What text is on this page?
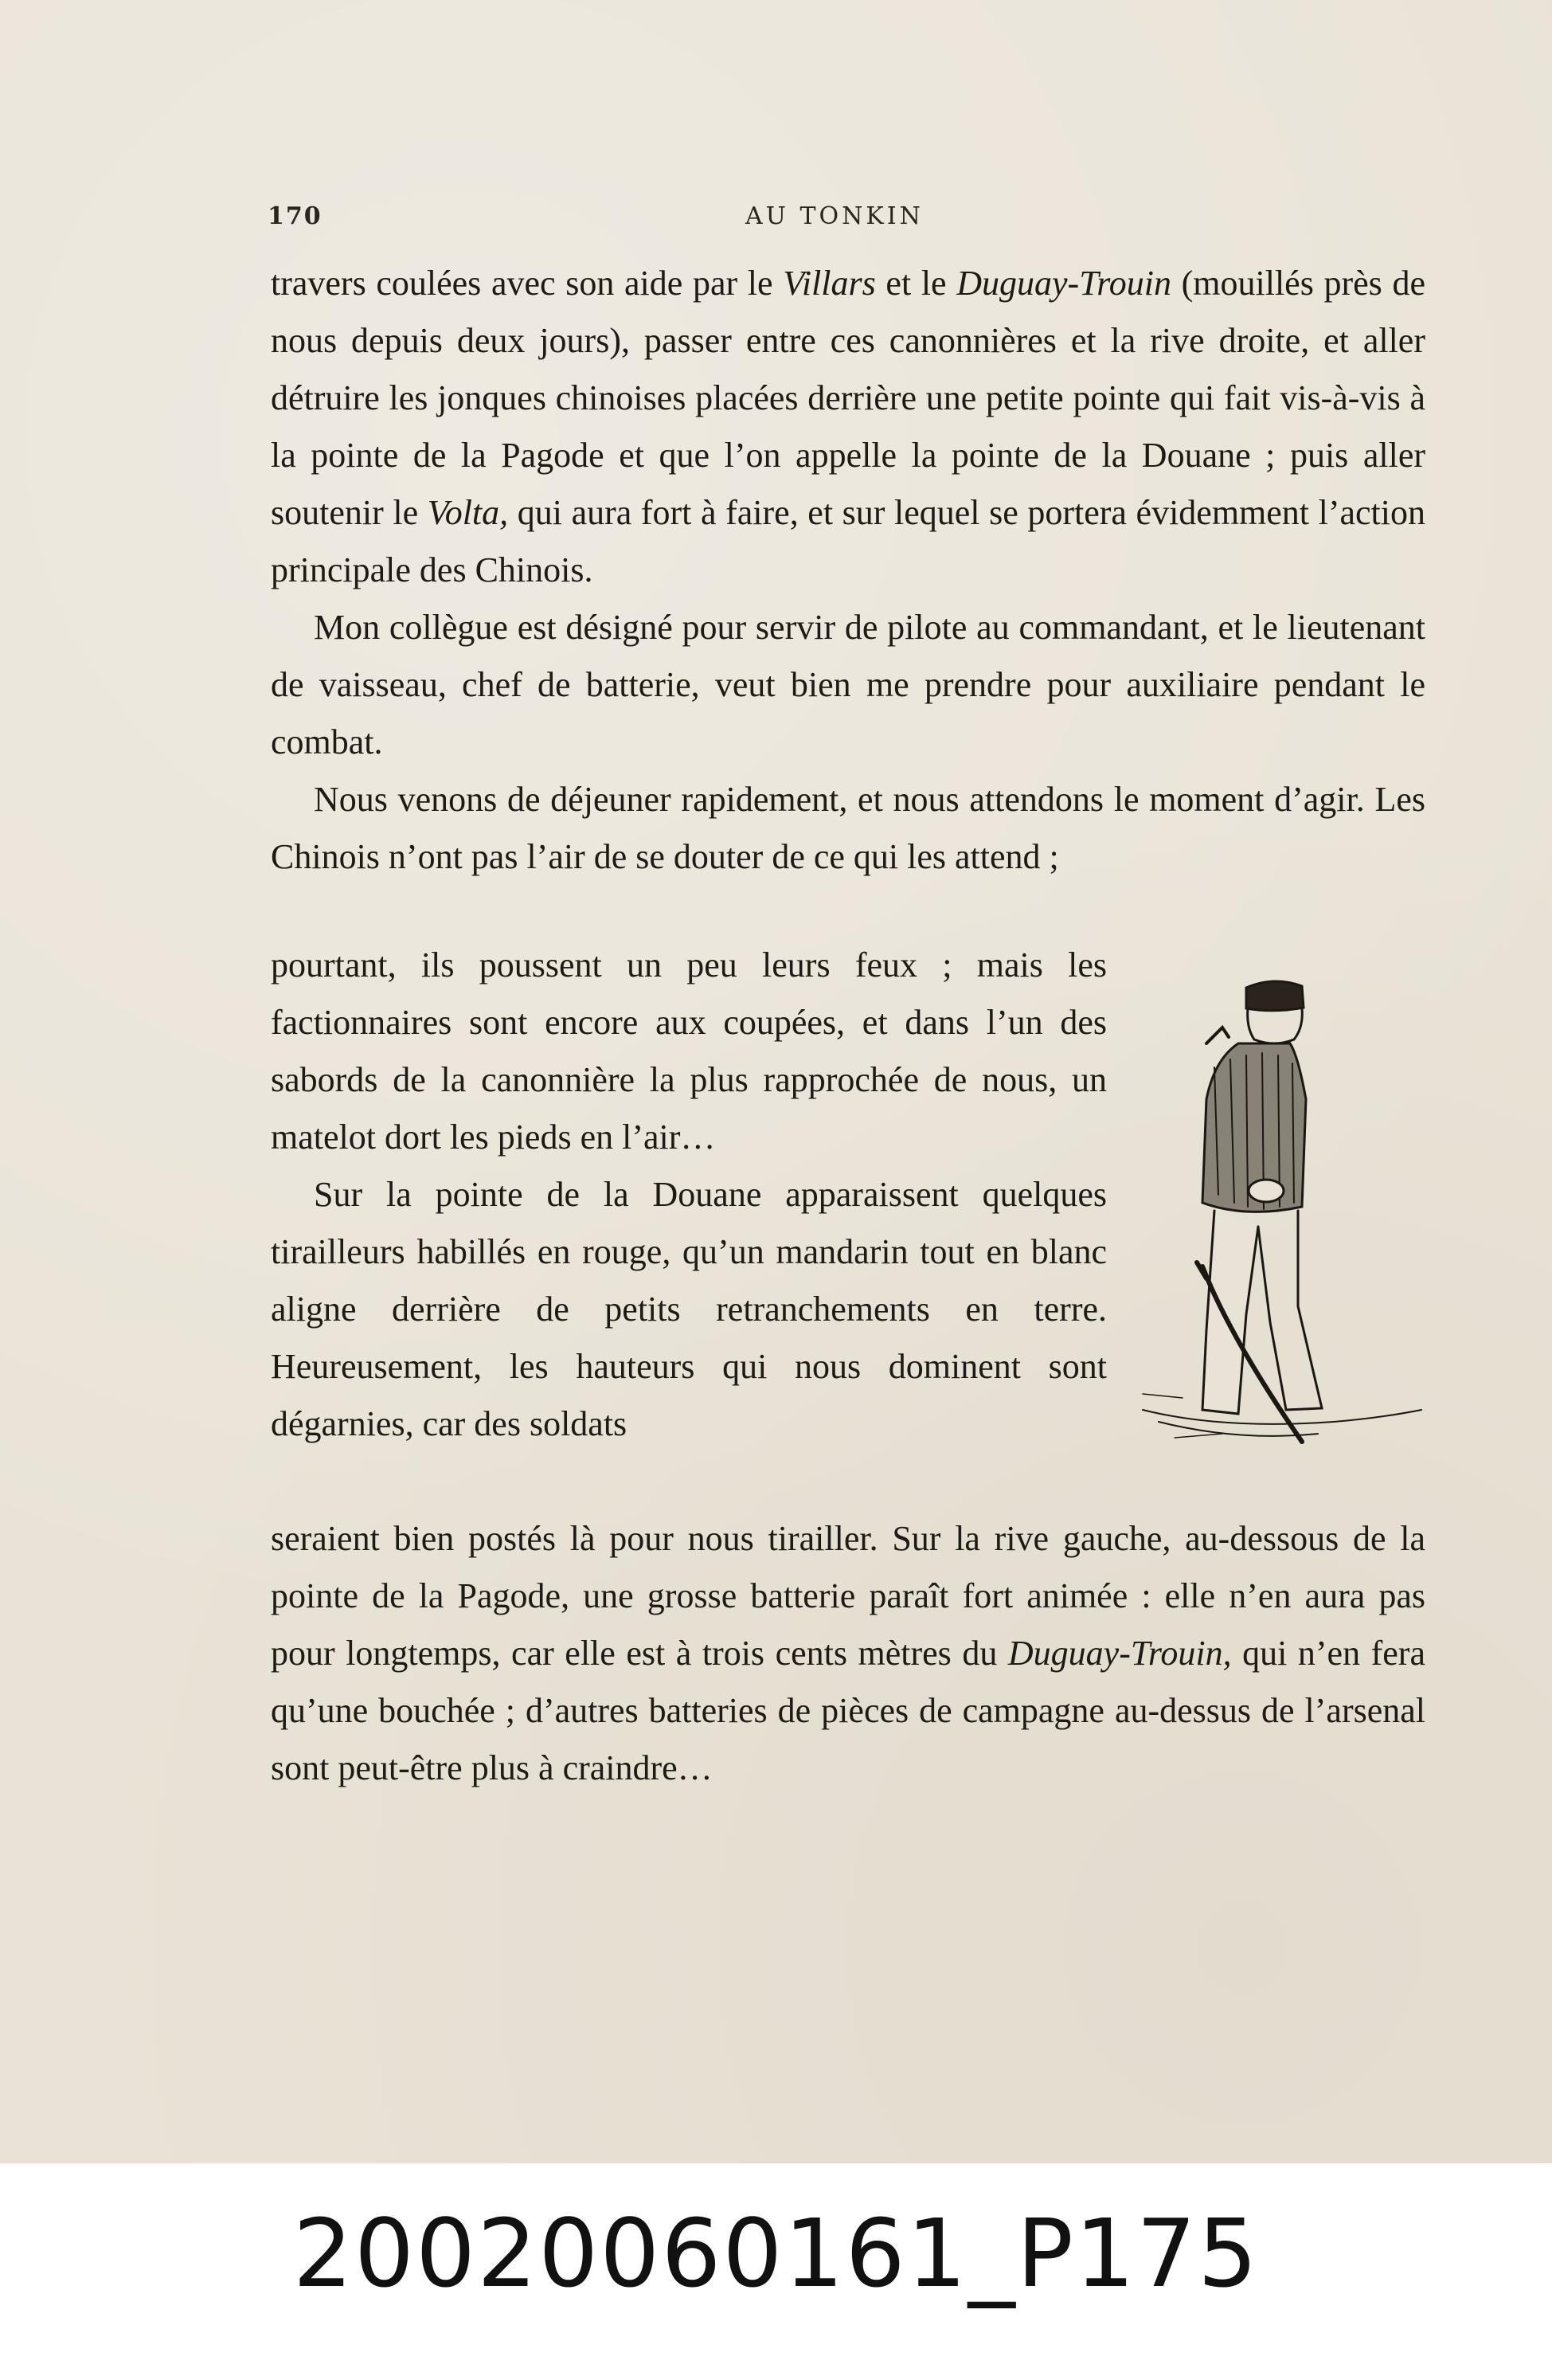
170	AU TONKIN

travers coulées avec son aide par le Villars et le Duguay-Trouin (mouillés près de nous depuis deux jours), passer entre ces canonnières et la rive droite, et aller détruire les jonques chinoises placées derrière une petite pointe qui fait vis-à-vis à la pointe de la Pagode et que l’on appelle la pointe de la Douane ; puis aller soutenir le Volta, qui aura fort à faire, et sur lequel se portera évidemment l’action principale des Chinois.

Mon collègue est désigné pour servir de pilote au commandant, et le lieutenant de vaisseau, chef de batterie, veut bien me prendre pour auxiliaire pendant le combat.

Nous venons de déjeuner rapidement, et nous attendons le moment d’agir. Les Chinois n’ont pas l’air de se douter de ce qui les attend ;

pourtant, ils poussent un peu leurs feux ; mais les factionnaires sont encore aux coupées, et dans l’un des sabords de la canonnière la plus rapprochée de nous, un matelot dort les pieds en l’air…

Sur la pointe de la Douane apparaissent quelques tirailleurs habillés en rouge, qu’un mandarin tout en blanc aligne derrière de petits retranchements en terre. Heureusement, les hauteurs qui nous dominent sont dégarnies, car des soldats

seraient bien postés là pour nous tirailler. Sur la rive gauche, au-dessous de la pointe de la Pagode, une grosse batterie paraît fort animée : elle n’en aura pas pour longtemps, car elle est à trois cents mètres du Duguay-Trouin, qui n’en fera qu’une bouchée ; d’autres batteries de pièces de campagne au-dessus de l’arsenal sont peut-être plus à craindre…

20020060161_P175
